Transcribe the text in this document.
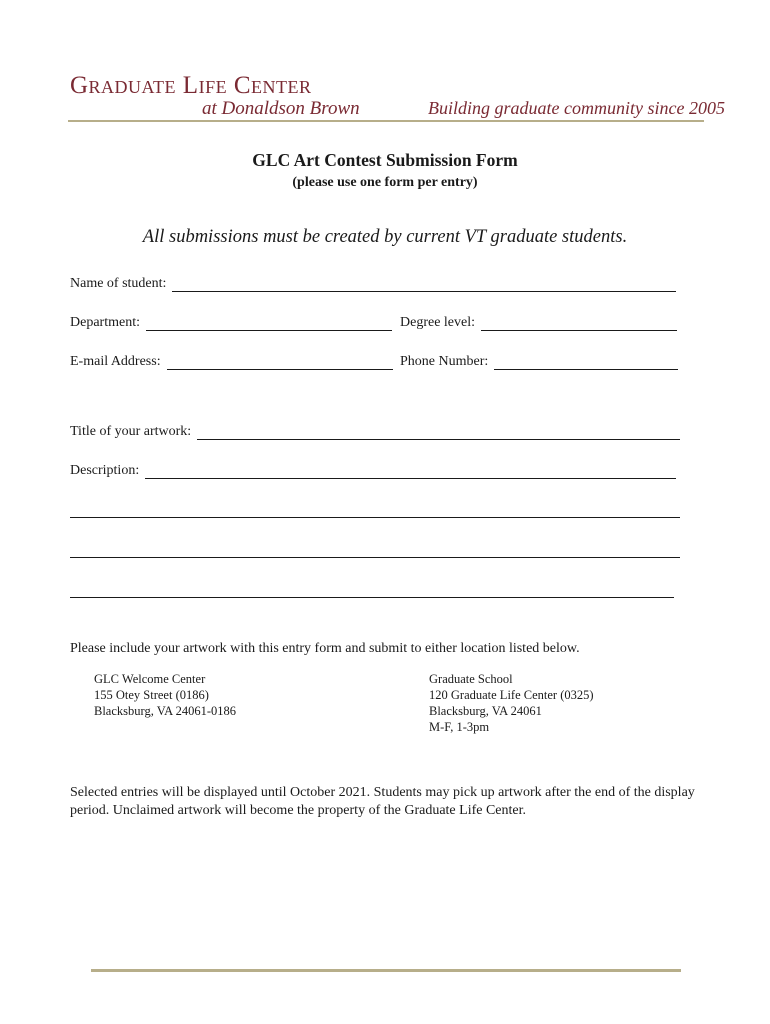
Graduate Life Center
at Donaldson Brown	Building graduate community since 2005
GLC Art Contest Submission Form
(please use one form per entry)
All submissions must be created by current VT graduate students.
Name of student:
Department:	Degree level:
E-mail Address:	Phone Number:
Title of your artwork:
Description:
Please include your artwork with this entry form and submit to either location listed below.
GLC Welcome Center
155 Otey Street (0186)
Blacksburg, VA 24061-0186
Graduate School
120 Graduate Life Center (0325)
Blacksburg, VA 24061
M-F, 1-3pm
Selected entries will be displayed until October 2021. Students may pick up artwork after the end of the display period. Unclaimed artwork will become the property of the Graduate Life Center.
